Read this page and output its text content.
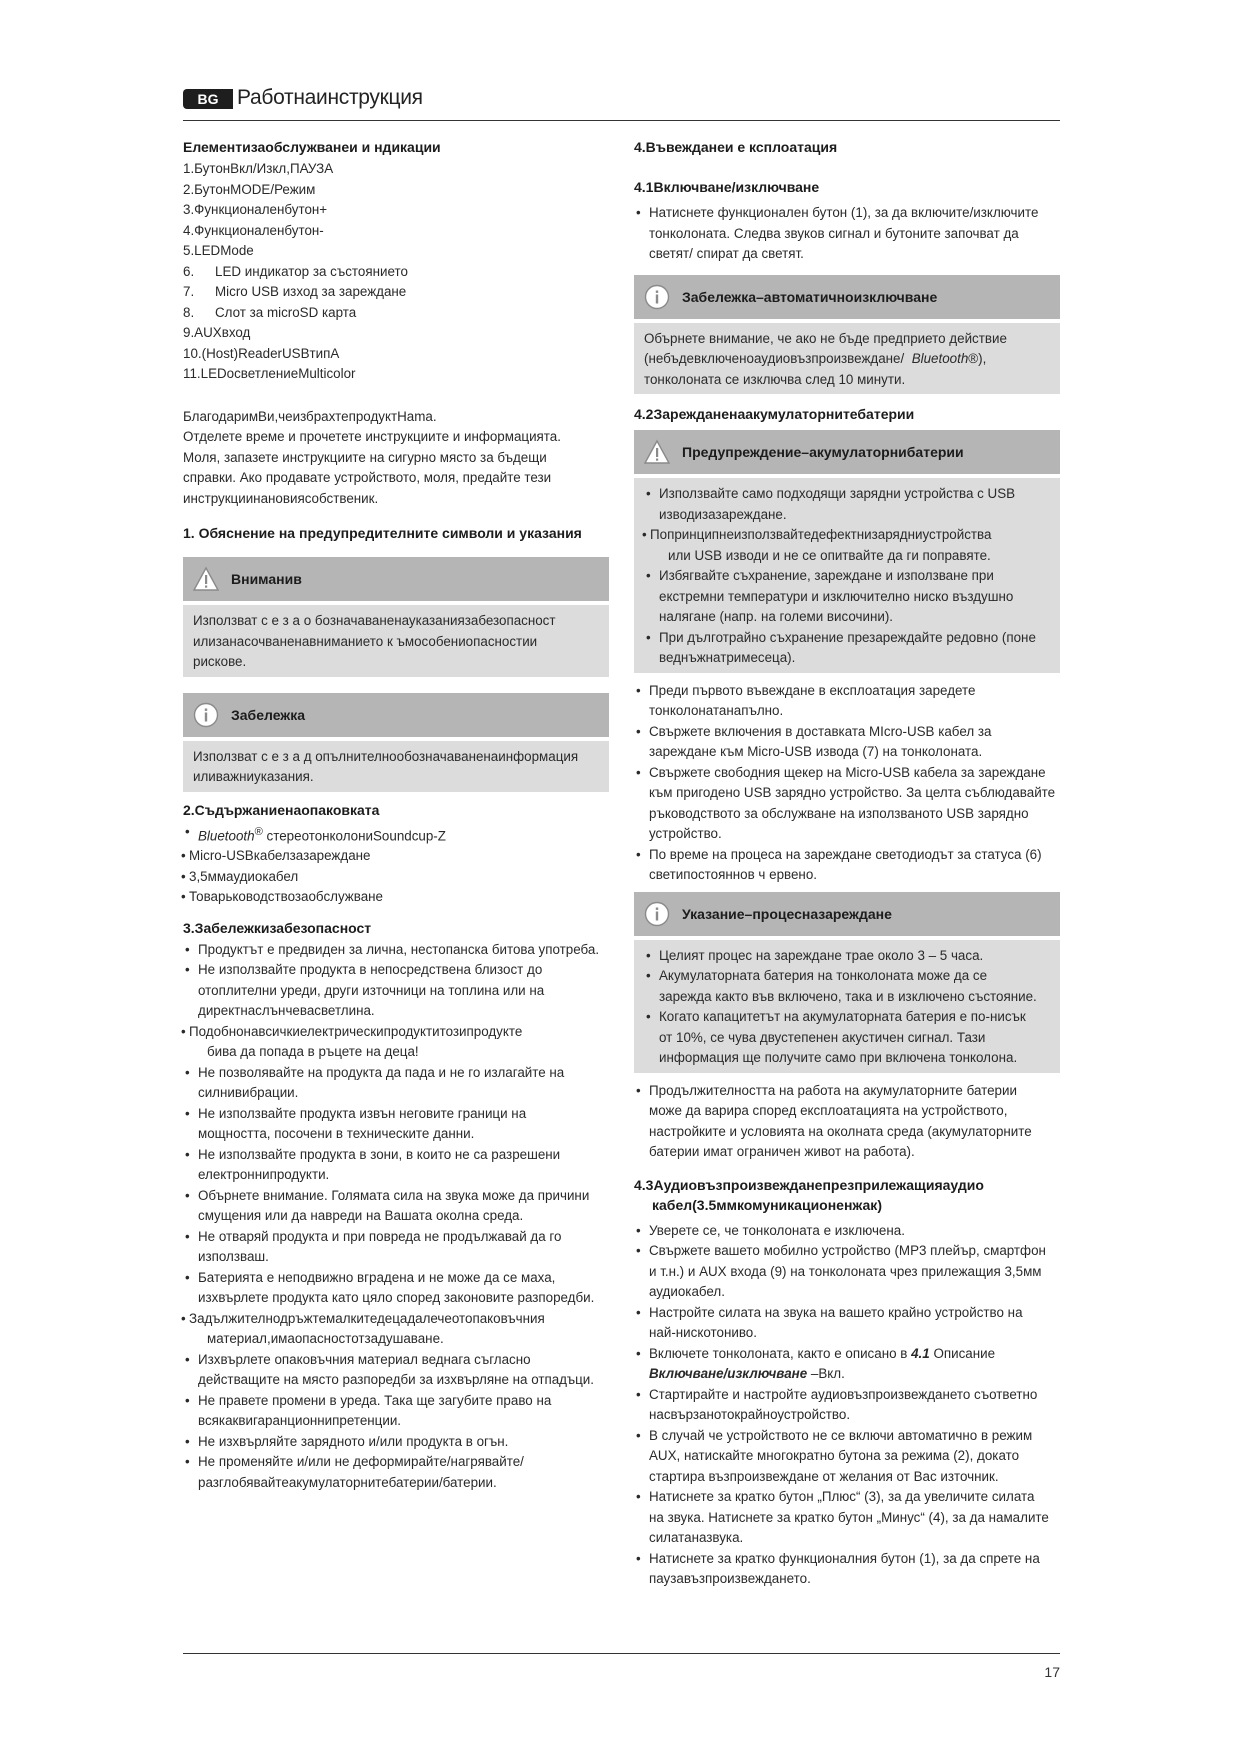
BG Работнаинструкция
Елементизаобслужванеи и ндикации
1.БутонВкл/Изкл,ПАУЗА
2.БутонMODE/Режим
3.Функционаленбутон+
4.Функционаленбутон-
5.LEDMode
6. LED индикатор за състоянието
7. Micro USB изход за зареждане
8. Слот за microSD карта
9.AUXвход
10.(Host)ReaderUSBтипA
11.LEDосветлениеMulticolor
БлагодаримВи,чеизбрахтепродуктHama.
Отделете време и прочетете инструкциите и информацията.
Моля, запазете инструкциите на сигурно място за бъдещи
справки. Ако продавате устройството, моля, предайте тези
инструкциинановиясобственик.
1. Обяснение на предупредителните символи и указания
Вниманив
Използват с е з а о бозначаваненауказаниязабезопасност
илизанасочваненавниманието к ъмособениопасностии
рискове.
Забележка
Използват с е з а д опълнителнообозначаваненаинформация
иливажниуказания.
2.Съдържаниенаопаковката
• Bluetooth® стереотонколониSoundcup-Z
• Micro-USBкабелзазареждане
• 3,5ммаудиокабел
• Товарьководствозаобслужване
3.Забележкизабезопасност
• Продуктът е предвиден за лична, нестопанска битова употреба.
• Не използвайте продукта в непосредствена близост до
отоплителни уреди, други източници на топлина или на
директнаслънчевасветлина.
• Подобнонавсичкиелектрическипродуктитозипродукте
бива да попада в ръцете на деца!
• Не позволявайте на продукта да пада и не го излагайте на
силнивибрации.
• Не използвайте продукта извън неговите граници на
мощността, посочени в техническите данни.
• Не използвайте продукта в зони, в които не са разрешени
електроннипродукти.
• Обърнете внимание. Голямата сила на звука може да причини
смущения или да навреди на Вашата околна среда.
• Не отваряй продукта и при повреда не продължавай да го
използваш.
• Батерията е неподвижно вградена и не може да се маха,
изхвърлете продукта като цяло според законовите разпоредби.
• Задължителнодръжтемалкитедецадалечеотопаковъчния
материал,имаопасностотзадушаване.
• Изхвърлете опаковъчния материал веднага съгласно
действащите на място разпоредби за изхвърляне на отпадъци.
• Не правете промени в уреда. Така ще загубите право на
всякаквигаранционнипретенции.
• Не изхвърляйте зарядното и/или продукта в огън.
• Не променяйте и/или не деформирайте/нагрявайте/
разглобявайтеакумулаторнитебатерии/батерии.
4.Въвежданеи е ксплоатация
4.1Включване/изключване
• Натиснете функционален бутон (1), за да включите/изключите
тонколоната. Следва звуков сигнал и бутоните започват да
светят/ спират да светят.
Забележка–автоматичноизключване
Обърнете внимание, че ако не бъде предприето действие
(небъдевключеноаудиовъзпроизвеждане/ Bluetooth®),
тонколоната се изключва след 10 минути.
4.2Зарежданенаакумулаторнитебатерии
Предупреждение–акумулаторнибатерии
• Използвайте само подходящи зарядни устройства с USB
изводизазареждане.
• Попринципнеизползвайтедефектнизарядниустройства
или USB изводи и не се опитвайте да ги поправяте.
• Избягвайте съхранение, зареждане и използване при
екстремни температури и изключително ниско въздушно
налягане (напр. на големи височини).
• При дълготрайно съхранение презареждайте редовно (поне
веднъжнатримесеца).
• Преди първото въвеждане в експлоатация заредете
тонколонатанапълно.
• Свържете включения в доставката MIcro-USB кабел за
зареждане към Micro-USB извода (7) на тонколоната.
• Свържете свободния щекер на Micro-USB кабела за зареждане
към пригодено USB зарядно устройство. За целта съблюдавайте
ръководството за обслужване на използваното USB зарядно
устройство.
• По време на процеса на зареждане светодиодът за статуса (6)
светипостояннов ч ервено.
Указание–процесназареждане
• Целият процес на зареждане трае около 3 – 5 часа.
• Акумулаторната батерия на тонколоната може да се
зарежда както във включено, така и в изключено състояние.
• Когато капацитетът на акумулаторната батерия е по-нисък
от 10%, се чува двустепенен акустичен сигнал. Тази
информация ще получите само при включена тонколона.
• Продължителността на работа на акумулаторните батерии
може да варира според експлоатацията на устройството,
настройките и условията на околната среда (акумулаторните
батерии имат ограничен живот на работа).
4.3Аудиовъзпроизвежданепрезприлежащияаудио
кабел(3.5ммкомуникационенжак)
• Уверете се, че тонколоната е изключена.
• Свържете вашето мобилно устройство (MP3 плейър, смартфон
и т.н.) и AUX входа (9) на тонколоната чрез прилежащия 3,5мм
аудиокабел.
• Настройте силата на звука на вашето крайно устройство на
най-нискотониво.
• Включете тонколоната, както е описано в 4.1 Описание
Включване/изключване –Вкл.
• Стартирайте и настройте аудиовъзпроизвеждането съответно
насвързанотокрайноустройство.
• В случай че устройството не се включи автоматично в режим
AUX, натискайте многократно бутона за режима (2), докато
стартира възпроизвеждане от желания от Вас източник.
• Натиснете за кратко бутон „Плюс“ (3), за да увеличите силата
на звука. Натиснете за кратко бутон „Минус“ (4), за да намалите
силатаназвука.
• Натиснете за кратко функционалния бутон (1), за да спрете на
паузавъзпроизвеждането.
17
